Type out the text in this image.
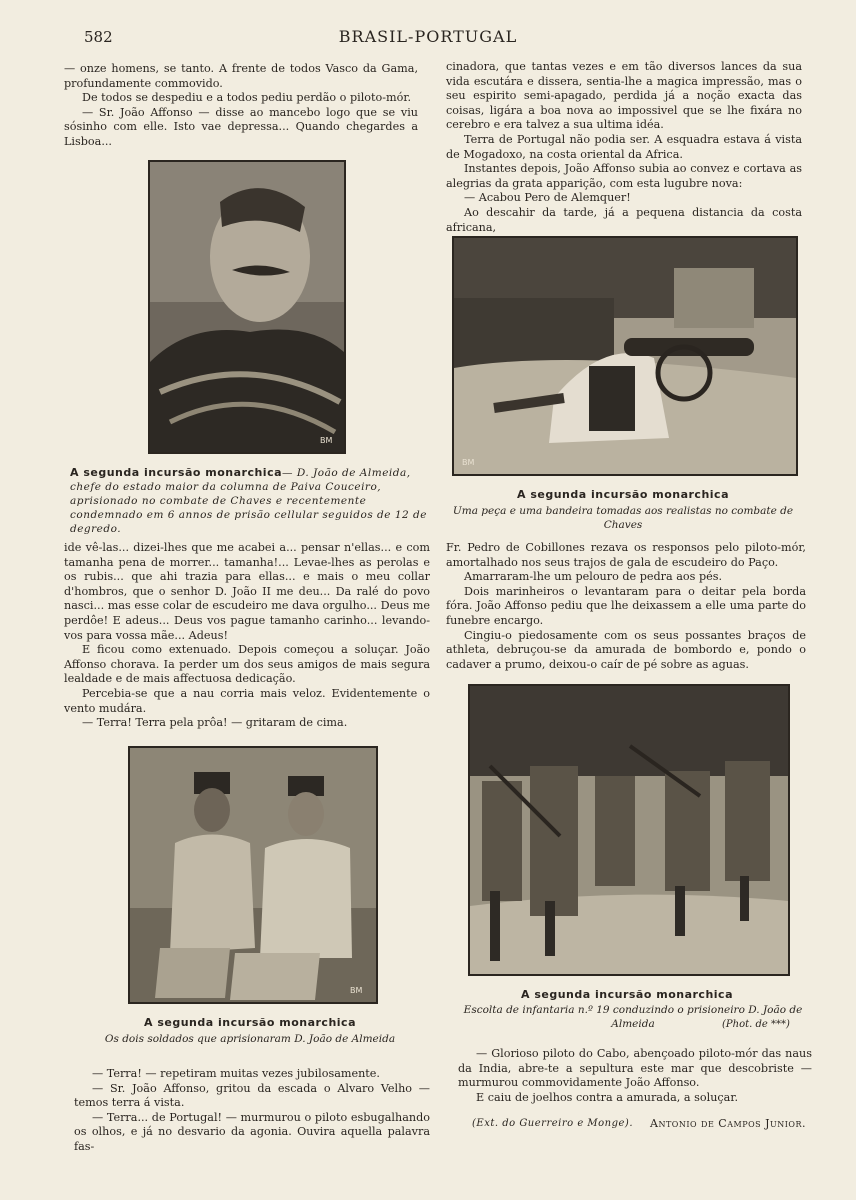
582	BRASIL-PORTUGAL

— onze homens, se tanto. A frente de todos Vasco da Gama, profundamente commovido.

De todos se despediu e a todos pediu perdão o piloto-mór.

— Sr. João Affonso — disse ao mancebo logo que se viu sósinho com elle. Isto vae depressa... Quando chegardes a Lisboa...

cinadora, que tantas vezes e em tão diversos lances da sua vida escutára e dissera, sentia-lhe a magica impressão, mas o seu espirito semi-apagado, perdida já a noção exacta das coisas, ligára a boa nova ao impossivel que se lhe fixára no cerebro e era talvez a sua ultima idéa.

Terra de Portugal não podia ser. A esquadra estava á vista de Mogadoxo, na costa oriental da Africa.

Instantes depois, João Affonso subia ao convez e cortava as alegrias da grata apparição, com esta lugubre nova:

— Acabou Pero de Alemquer!

Ao descahir da tarde, já a pequena distancia da costa africana,

BM
A segunda incursão monarchica— D. João de Almeida, chefe do estado maior da columna de Paiva Couceiro, aprisionado no combate de Chaves e recentemente condemnado em 6 annos de prisão cellular seguidos de 12 de degredo.
BM
A segunda incursão monarchica
Uma peça e uma bandeira tomadas aos realistas no combate de Chaves

ide vê-las... dizei-lhes que me acabei a... pensar n'ellas... e com tamanha pena de morrer... tamanha!... Levae-lhes as perolas e os rubis... que ahi trazia para ellas... e mais o meu collar d'hombros, que o senhor D. João II me deu... Da ralé do povo nasci... mas esse colar de escudeiro me dava orgulho... Deus me perdôe! E adeus... Deus vos pague tamanho carinho... levando-vos para vossa mãe... Adeus!

E ficou como extenuado. Depois começou a soluçar. João Affonso chorava. Ia perder um dos seus amigos de mais segura lealdade e de mais affectuosa dedicação.

Percebia-se que a nau corria mais veloz. Evidentemente o vento mudára.

— Terra! Terra pela prôa! — gritaram de cima.

Fr. Pedro de Cobillones rezava os responsos pelo piloto-mór, amortalhado nos seus trajos de gala de escudeiro do Paço.

Amarraram-lhe um pelouro de pedra aos pés.

Dois marinheiros o levantaram para o deitar pela borda fóra. João Affonso pediu que lhe deixassem a elle uma parte do funebre encargo.

Cingiu-o piedosamente com os seus possantes braços de athleta, debruçou-se da amurada de bombordo e, pondo o cadaver a prumo, deixou-o caír de pé sobre as aguas.

BM
A segunda incursão monarchica
Os dois soldados que aprisionaram D. João de Almeida
A segunda incursão monarchica
Escolta de infantaria n.º 19 conduzindo o prisioneiro D. João de Almeida	(Phot. de ***)

— Terra! — repetiram muitas vezes jubilosamente.

— Sr. João Affonso, gritou da escada o Alvaro Velho — temos terra á vista.

— Terra... de Portugal! — murmurou o piloto esbugalhando os olhos, e já no desvario da agonia. Ouvira aquella palavra fas-

— Glorioso piloto do Cabo, abençoado piloto-mór das naus da India, abre-te a sepultura este mar que descobriste — murmurou commovidamente João Affonso.

E caiu de joelhos contra a amurada, a soluçar.

(Ext. do Guerreiro e Monge). Antonio de Campos Junior.
